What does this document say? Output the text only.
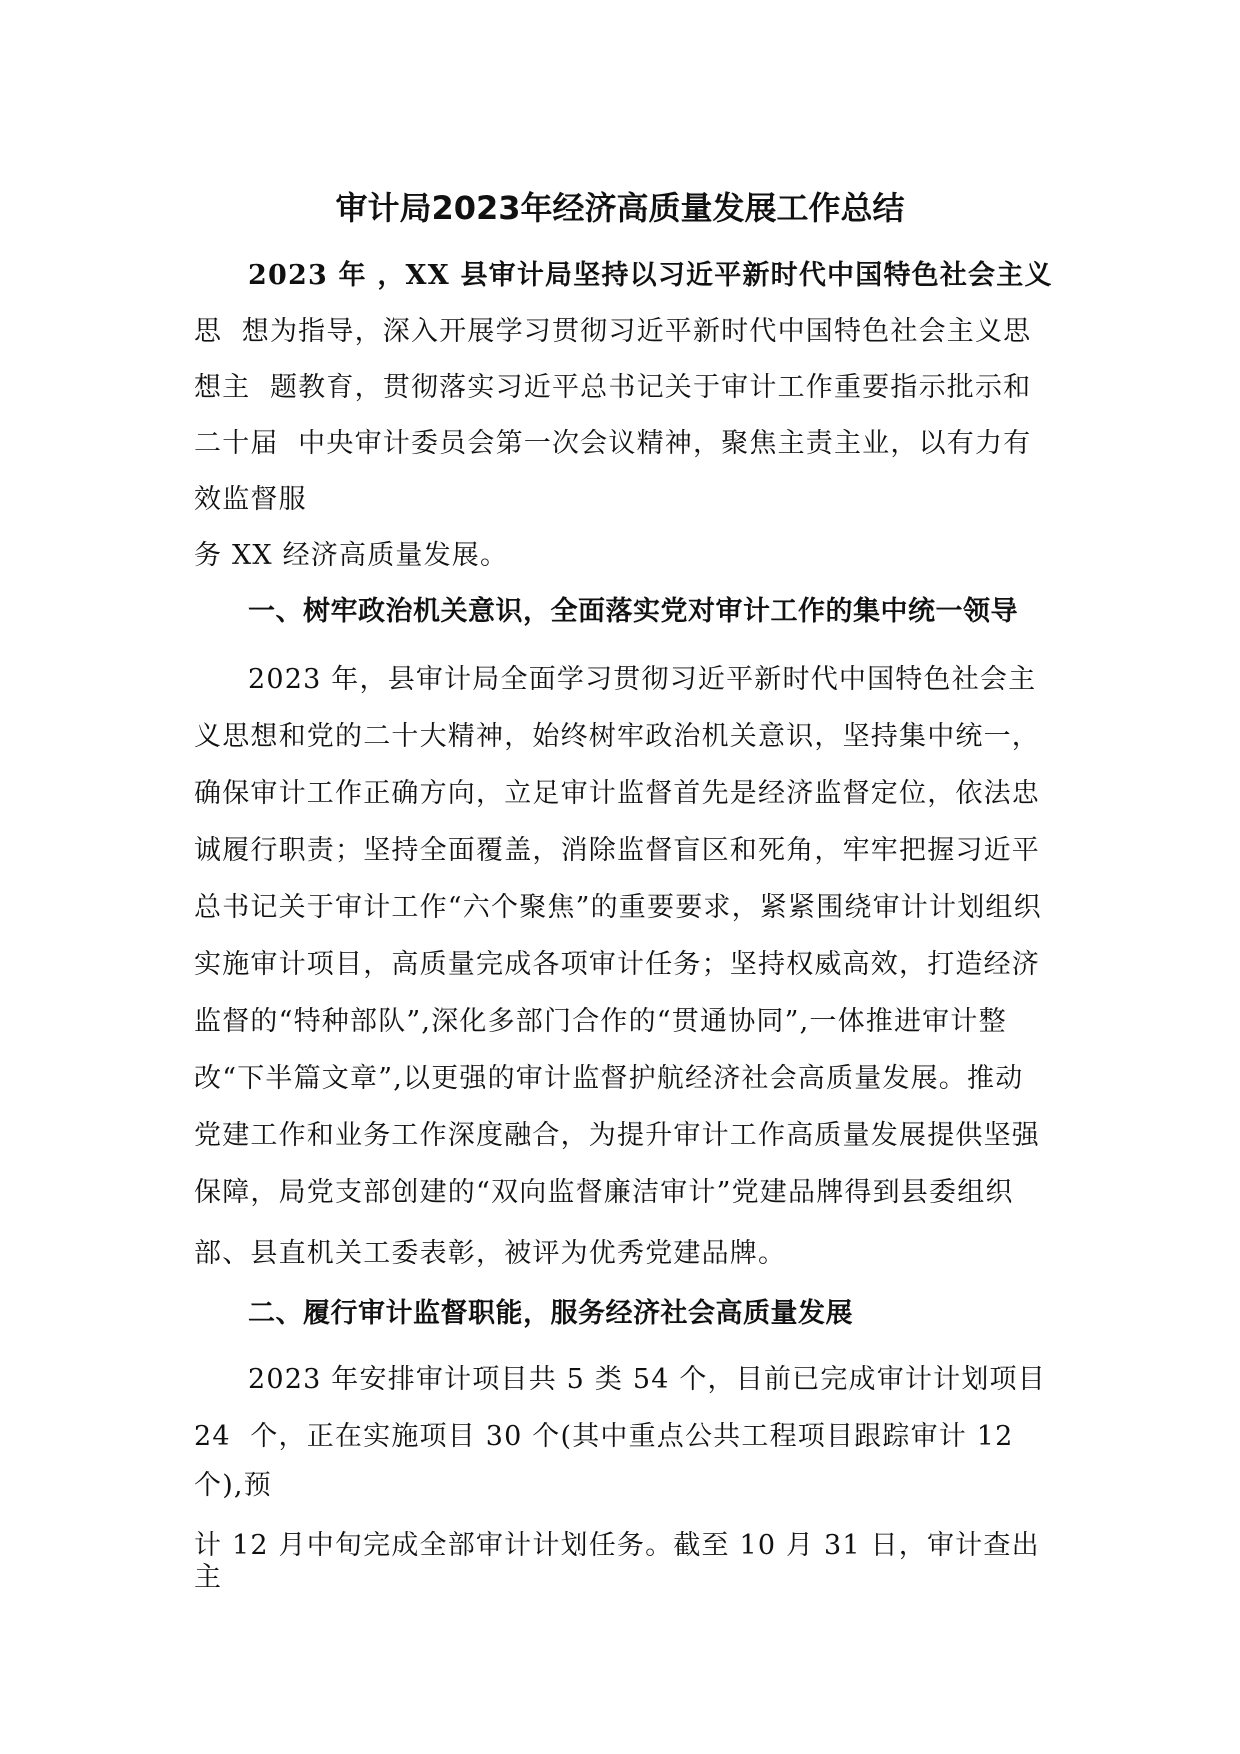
审计局2023年经济高质量发展工作总结
2023 年 ，XX 县审计局坚持以习近平新时代中国特色社会主义
思  想为指导，深入开展学习贯彻习近平新时代中国特色社会主义思
想主  题教育，贯彻落实习近平总书记关于审计工作重要指示批示和
二十届  中央审计委员会第一次会议精神，聚焦主责主业，以有力有
效监督服
务 XX 经济高质量发展。
一、树牢政治机关意识，全面落实党对审计工作的集中统一领导
2023 年，县审计局全面学习贯彻习近平新时代中国特色社会主
义思想和党的二十大精神，始终树牢政治机关意识，坚持集中统一，
确保审计工作正确方向，立足审计监督首先是经济监督定位，依法忠
诚履行职责；坚持全面覆盖，消除监督盲区和死角，牢牢把握习近平
总书记关于审计工作“六个聚焦”的重要要求，紧紧围绕审计计划组织
实施审计项目，高质量完成各项审计任务；坚持权威高效，打造经济
监督的“特种部队”,深化多部门合作的“贯通协同”,一体推进审计整
改“下半篇文章”,以更强的审计监督护航经济社会高质量发展。推动
党建工作和业务工作深度融合，为提升审计工作高质量发展提供坚强
保障，局党支部创建的“双向监督廉洁审计”党建品牌得到县委组织
部、县直机关工委表彰，被评为优秀党建品牌。
二、履行审计监督职能，服务经济社会高质量发展
2023 年安排审计项目共 5 类 54 个，目前已完成审计计划项目
24  个，正在实施项目 30 个(其中重点公共工程项目跟踪审计 12
个),预
计 12 月中旬完成全部审计计划任务。截至 10 月 31 日，审计查出
主
